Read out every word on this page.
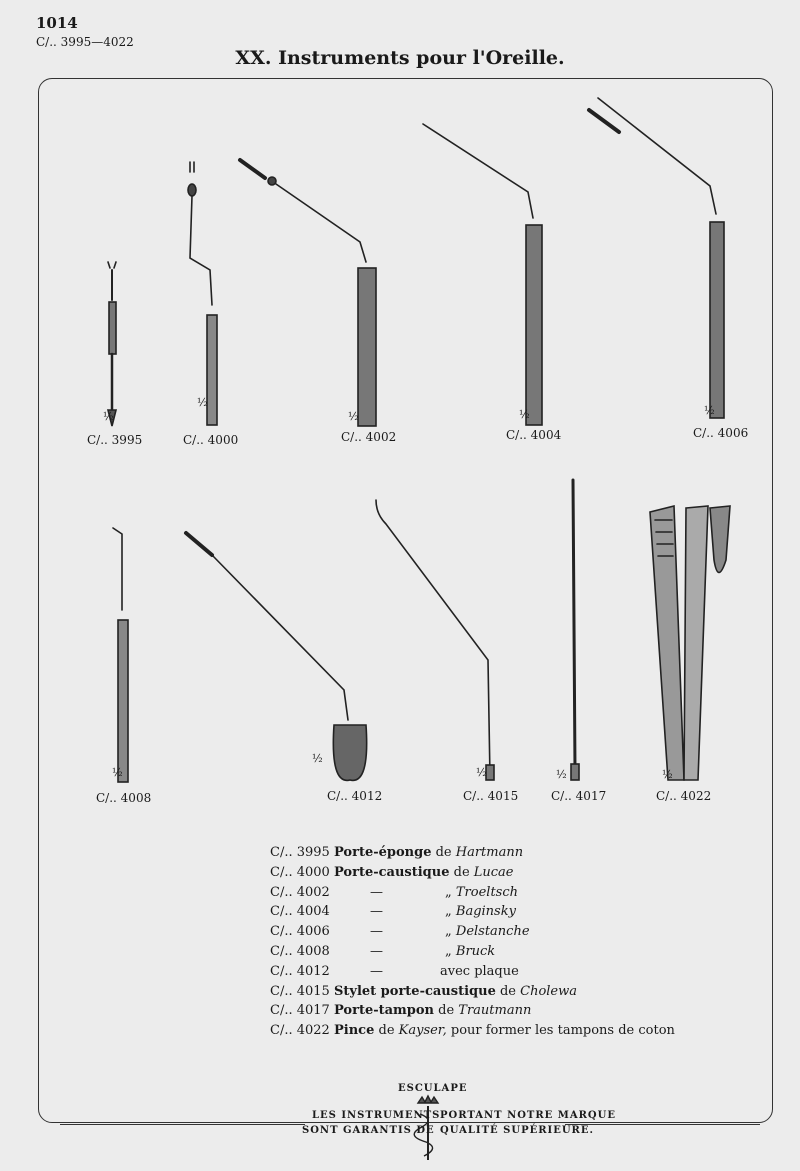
1014
C/.. 3995—4022
XX. Instruments pour l'Oreille.
C/.. 3995	C/.. 4000	C/.. 4002	C/.. 4004	C/.. 4006
½
½
½	½	½
C/.. 4008	C/.. 4012	C/.. 4015	C/.. 4017	C/.. 4022
½
½
½	½	½
C/.. 3995 Porte-éponge de Hartmann
C/.. 4000 Porte-caustique de Lucae
C/.. 4002	—	„ Troeltsch
C/.. 4004	—	„ Baginsky
C/.. 4006	—	„ Delstanche
C/.. 4008	—	„ Bruck
C/.. 4012	—	avec plaque
C/.. 4015 Stylet porte-caustique de Cholewa
C/.. 4017 Porte-tampon de Trautmann
C/.. 4022 Pince de Kayser, pour former les tampons de coton
ESCULAPE
LES INSTRUMENTS
SONT GARANTIS DE
PORTANT NOTRE MARQUE
QUALITÉ SUPÉRIEURE.
